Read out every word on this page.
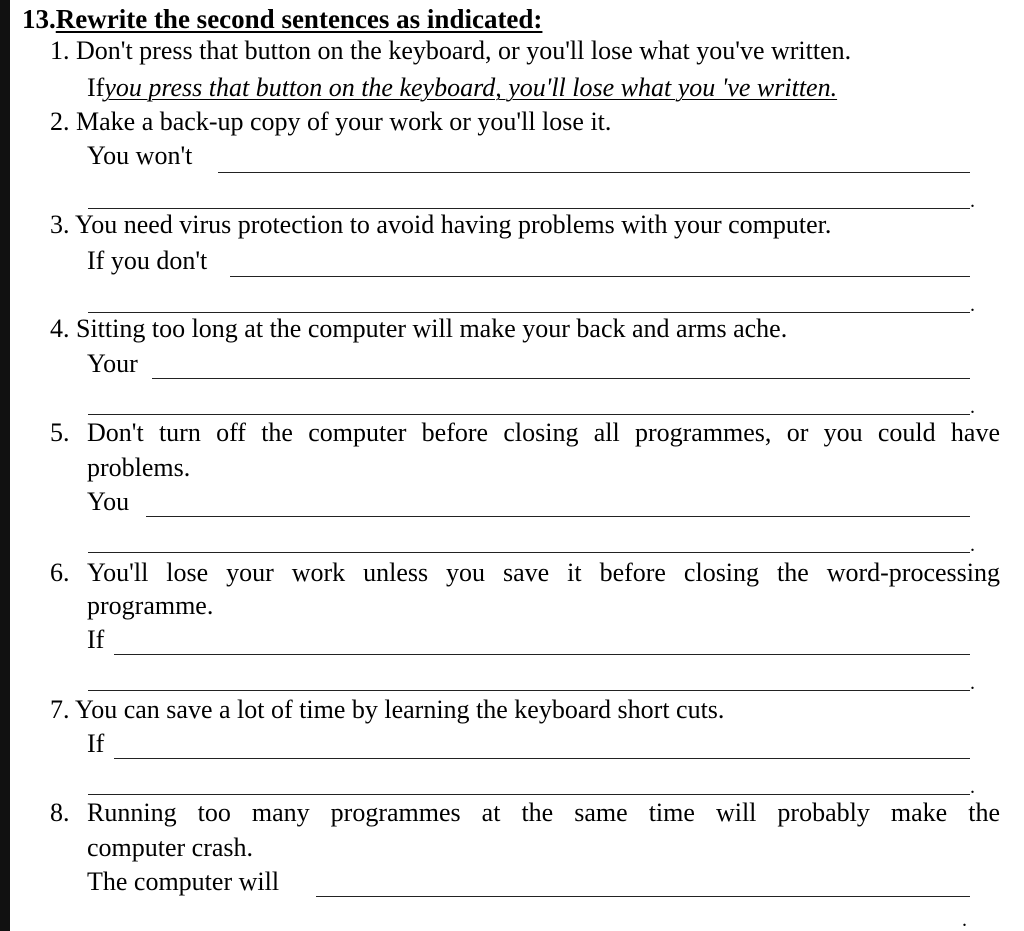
13.Rewrite the second sentences as indicated:
1. Don't press that button on the keyboard, or you'll lose what you've written.
Ifyou press that button on the keyboard, you'll lose what you 've written.
2. Make a back-up copy of your work or you'll lose it.
You won't
.
3. You need virus protection to avoid having problems with your computer.
If you don't
.
4. Sitting too long at the computer will make your back and arms ache.
Your
.
5. Don't turn off the computer before closing all programmes, or you could have
problems.
You
.
6. You'll lose your work unless you save it before closing the word-processing
programme.
If
.
7. You can save a lot of time by learning the keyboard short cuts.
If
.
8. Running too many programmes at the same time will probably make the
computer crash.
The computer will
.
